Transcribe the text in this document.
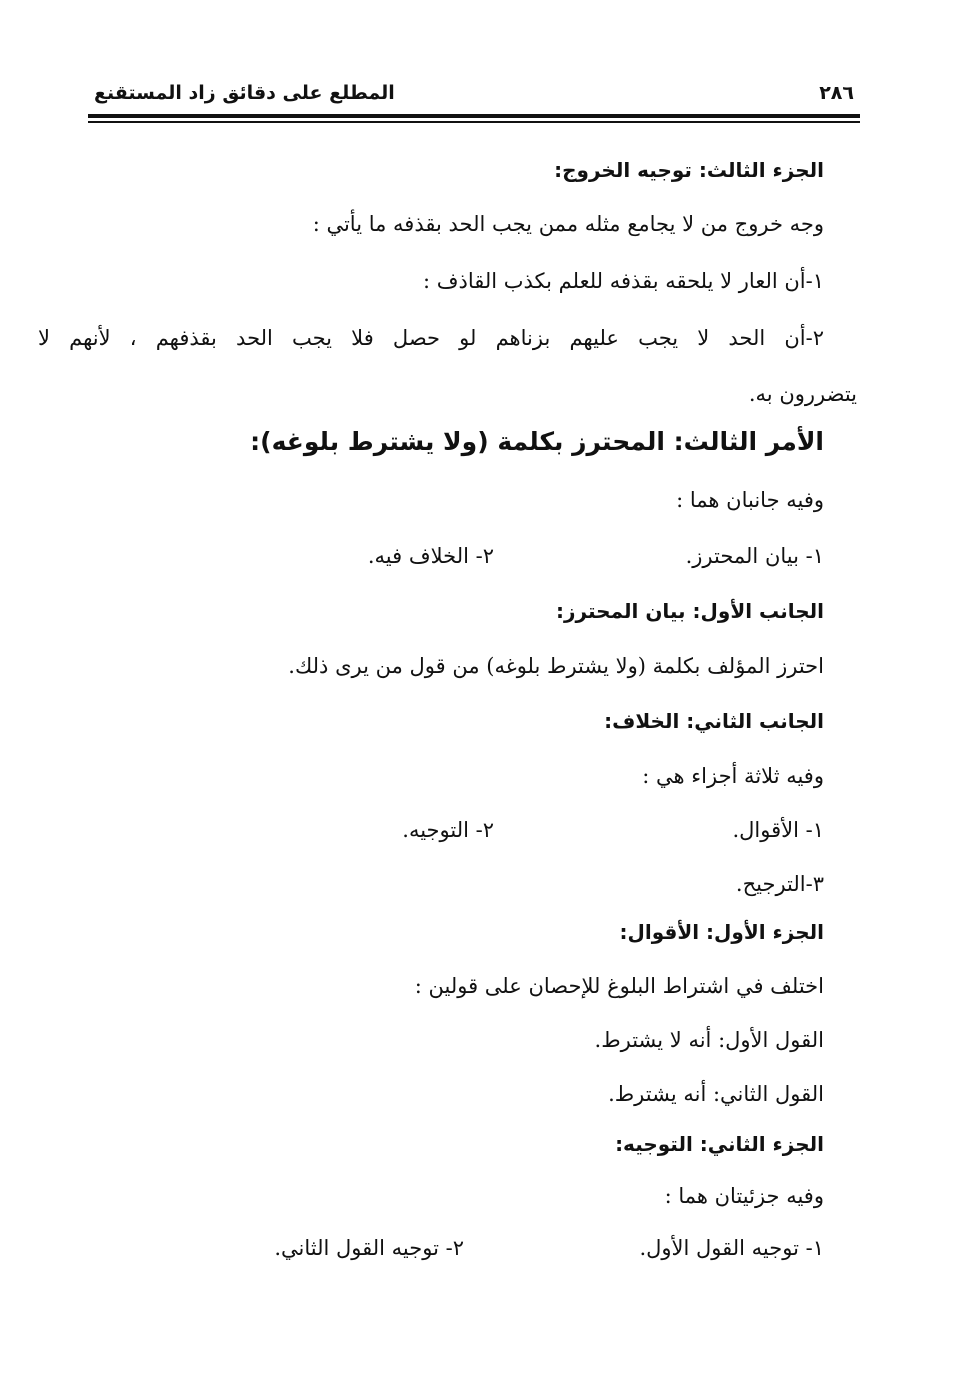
٢٨٦
المطلع على دقائق زاد المستقنع
الجزء الثالث: توجيه الخروج:
وجه خروج من لا يجامع مثله ممن يجب الحد بقذفه ما يأتي :
١-أن العار لا يلحقه بقذفه للعلم بكذب القاذف :
٢-أن الحد لا يجب عليهم بزناهم لو حصل فلا يجب الحد بقذفهم ، لأنهم لا
يتضررون به.
الأمر الثالث: المحترز بكلمة (ولا يشترط بلوغه):
وفيه جانبان هما :
١- بيان المحترز.
٢- الخلاف فيه.
الجانب الأول: بيان المحترز:
احترز المؤلف بكلمة (ولا يشترط بلوغه) من قول من يرى ذلك.
الجانب الثاني: الخلاف:
وفيه ثلاثة أجزاء هي :
١- الأقوال.
٢- التوجيه.
٣-الترجيح.
الجزء الأول: الأقوال:
اختلف في اشتراط البلوغ للإحصان على قولين :
القول الأول: أنه لا يشترط.
القول الثاني: أنه يشترط.
الجزء الثاني: التوجيه:
وفيه جزئيتان هما :
١- توجيه القول الأول.
٢- توجيه القول الثاني.
